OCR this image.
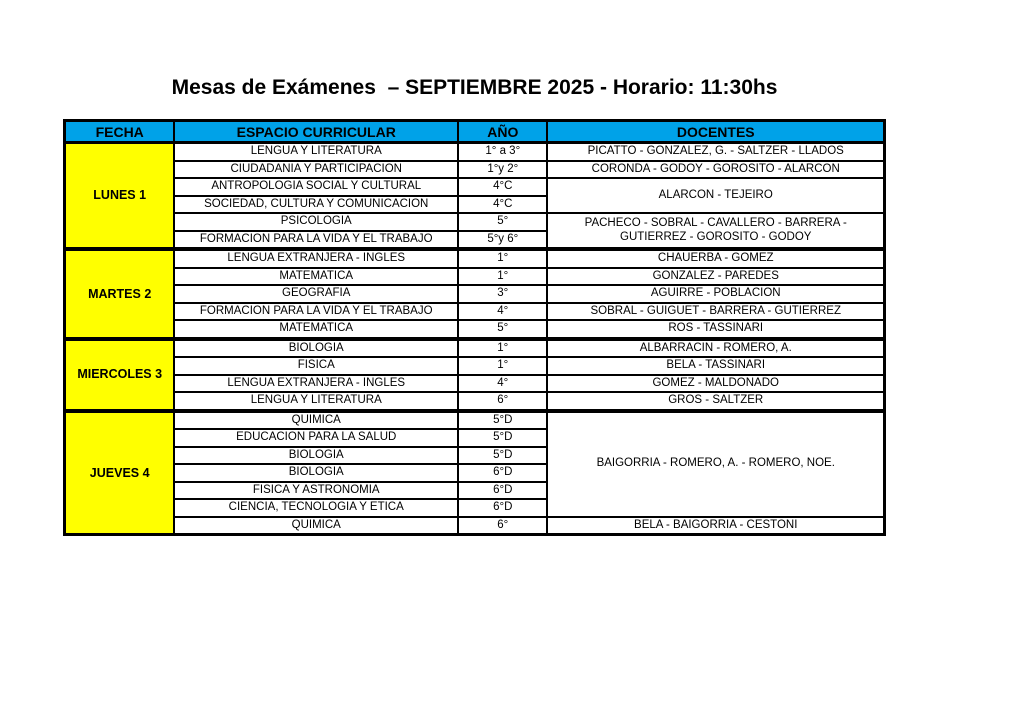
Mesas de Exámenes  – SEPTIEMBRE 2025 - Horario: 11:30hs
FECHA	ESPACIO CURRICULAR	AÑO	DOCENTES
LUNES 1	LENGUA Y LITERATURA	1° a 3°	PICATTO - GONZALEZ, G. - SALTZER - LLADOS
	CIUDADANIA Y PARTICIPACION	1°y 2°	CORONDA - GODOY - GOROSITO - ALARCON
	ANTROPOLOGIA SOCIAL Y CULTURAL	4°C	ALARCON - TEJEIRO
	SOCIEDAD, CULTURA Y COMUNICACION	4°C	
	PSICOLOGIA	5°	PACHECO - SOBRAL - CAVALLERO - BARRERA - GUTIERREZ - GOROSITO - GODOY
	FORMACION PARA LA VIDA Y EL TRABAJO	5°y 6°	
MARTES 2	LENGUA EXTRANJERA - INGLES	1°	CHAUERBA - GOMEZ
	MATEMATICA	1°	GONZALEZ - PAREDES
	GEOGRAFIA	3°	AGUIRRE - POBLACION
	FORMACION PARA LA VIDA Y EL TRABAJO	4°	SOBRAL - GUIGUET - BARRERA - GUTIERREZ
	MATEMATICA	5°	ROS - TASSINARI
MIERCOLES 3	BIOLOGIA	1°	ALBARRACIN - ROMERO, A.
	FISICA	1°	BELA - TASSINARI
	LENGUA EXTRANJERA - INGLES	4°	GOMEZ - MALDONADO
	LENGUA Y LITERATURA	6°	GROS - SALTZER
JUEVES 4	QUIMICA	5°D	BAIGORRIA - ROMERO, A. - ROMERO, NOE.
	EDUCACION PARA LA SALUD	5°D	
	BIOLOGIA	5°D	
	BIOLOGIA	6°D	
	FISICA Y ASTRONOMIA	6°D	
	CIENCIA, TECNOLOGIA Y ETICA	6°D	
	QUIMICA	6°	BELA - BAIGORRIA - CESTONI
